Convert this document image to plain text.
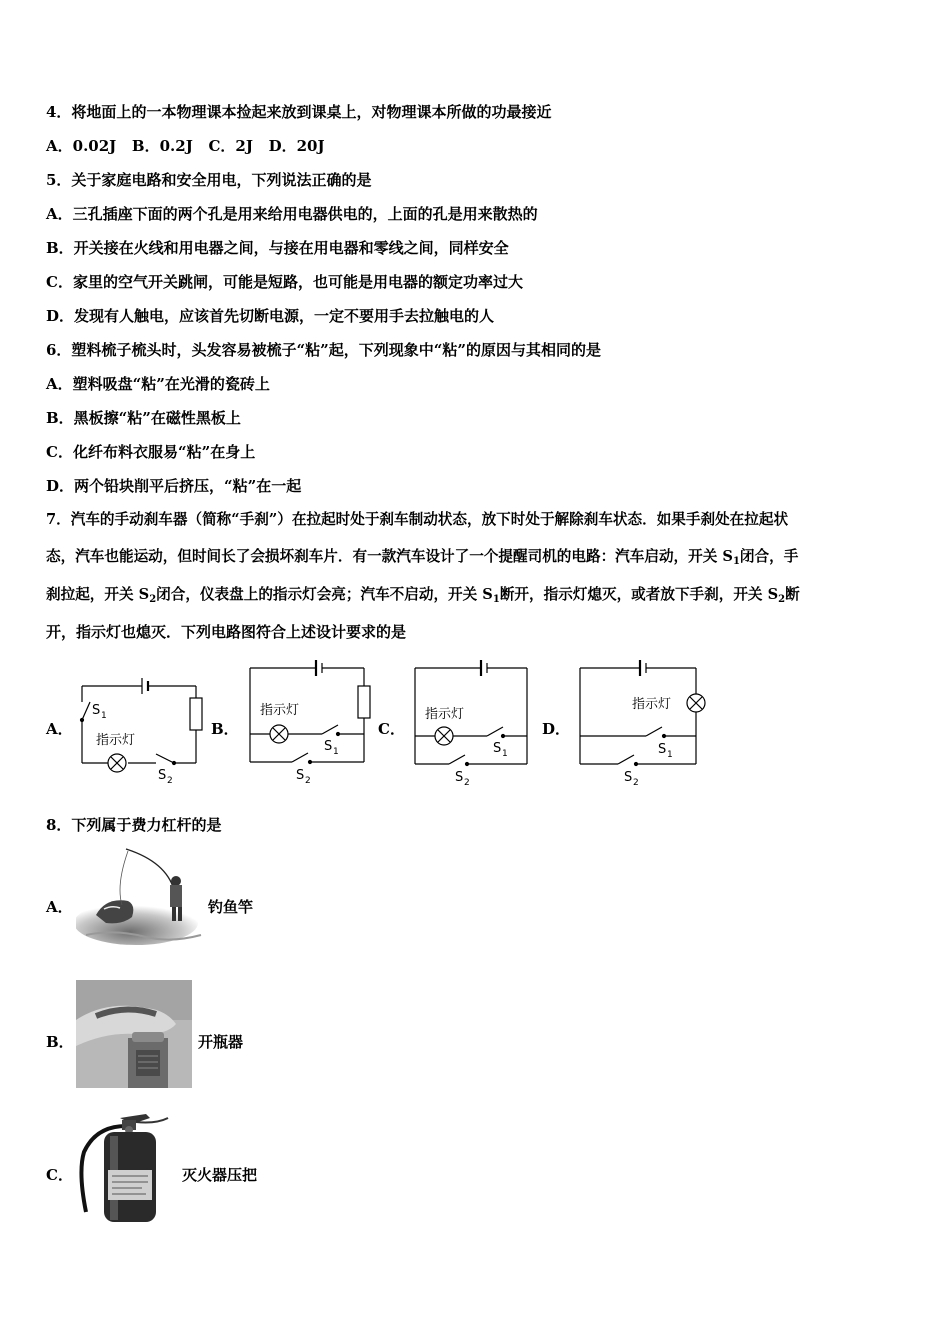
4．将地面上的一本物理课本捡起来放到课桌上，对物理课本所做的功最接近
A．0.02J   B．0.2J   C．2J   D．20J
5．关于家庭电路和安全用电，下列说法正确的是
A．三孔插座下面的两个孔是用来给用电器供电的，上面的孔是用来散热的
B．开关接在火线和用电器之间，与接在用电器和零线之间，同样安全
C．家里的空气开关跳闸，可能是短路，也可能是用电器的额定功率过大
D．发现有人触电，应该首先切断电源，一定不要用手去拉触电的人
6．塑料梳子梳头时，头发容易被梳子“粘”起，下列现象中“粘”的原因与其相同的是
A．塑料吸盘“粘”在光滑的瓷砖上
B．黑板擦“粘”在磁性黑板上
C．化纤布料衣服易“粘”在身上
D．两个铅块削平后挤压，“粘”在一起
7．汽车的手动刹车器（简称“手刹”）在拉起时处于刹车制动状态，放下时处于解除刹车状态．如果手刹处在拉起状
态，汽车也能运动，但时间长了会损坏刹车片．有一款汽车设计了一个提醒司机的电路：汽车启动，开关 $S_1$闭合，手
刹拉起，开关 $S_2$闭合，仪表盘上的指示灯会亮；汽车不启动，开关 $S_1$断开，指示灯熄灭，或者放下手刹，开关 $S_2$断
开，指示灯也熄灭．下列电路图符合上述设计要求的是
A．	B．	C．	D．
S 1
指示灯
S 2
指示灯
S 1
S 2
指示灯
S 1
S 2
指示灯
S 1
S 2
8．下列属于费力杠杆的是
A．	钓鱼竿
B．	开瓶器
C．	灭火器压把
